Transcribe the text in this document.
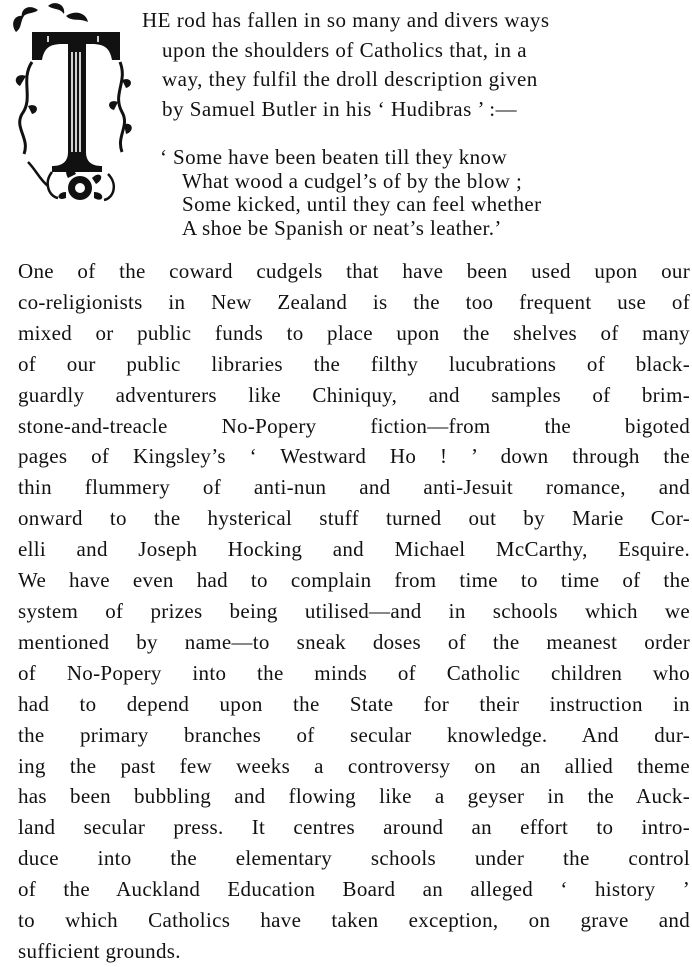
HE rod has fallen in so many and divers ways
upon the shoulders of Catholics that, in a
way, they fulfil the droll description given
by Samuel Butler in his ‘ Hudibras ’ :—
‘ Some have been beaten till they know
What wood a cudgel’s of by the blow ;
Some kicked, until they can feel whether
A shoe be Spanish or neat’s leather.’
One of the coward cudgels that have been used upon our
co-religionists in New Zealand is the too frequent use of
mixed or public funds to place upon the shelves of many
of our public libraries the filthy lucubrations of black-
guardly adventurers like Chiniquy, and samples of brim-
stone-and-treacle No-Popery fiction—from the bigoted
pages of Kingsley’s ‘ Westward Ho ! ’ down through the
thin flummery of anti-nun and anti-Jesuit romance, and
onward to the hysterical stuff turned out by Marie Cor-
elli and Joseph Hocking and Michael McCarthy, Esquire.
We have even had to complain from time to time of the
system of prizes being utilised—and in schools which we
mentioned by name—to sneak doses of the meanest order
of No-Popery into the minds of Catholic children who
had to depend upon the State for their instruction in
the primary branches of secular knowledge. And dur-
ing the past few weeks a controversy on an allied theme
has been bubbling and flowing like a geyser in the Auck-
land secular press. It centres around an effort to intro-
duce into the elementary schools under the control
of the Auckland Education Board an alleged ‘ history ’
to which Catholics have taken exception, on grave and
sufficient grounds.
